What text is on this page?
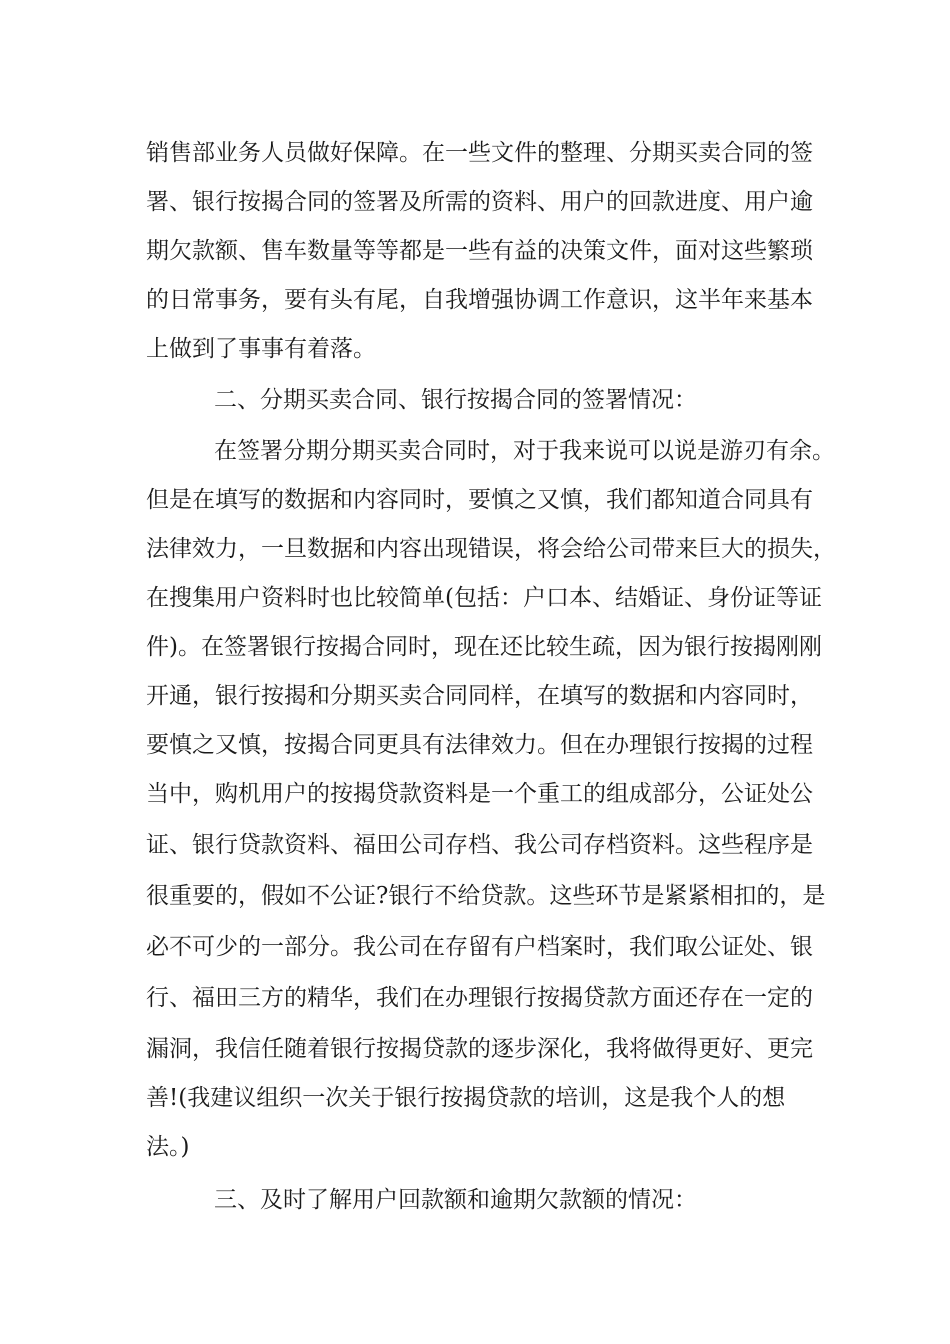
销售部业务人员做好保障。在一些文件的整理、分期买卖合同的签
署、银行按揭合同的签署及所需的资料、用户的回款进度、用户逾
期欠款额、售车数量等等都是一些有益的决策文件，面对这些繁琐
的日常事务，要有头有尾，自我增强协调工作意识，这半年来基本
上做到了事事有着落。
二、分期买卖合同、银行按揭合同的签署情况：
在签署分期分期买卖合同时，对于我来说可以说是游刃有余。
但是在填写的数据和内容同时，要慎之又慎，我们都知道合同具有
法律效力，一旦数据和内容出现错误，将会给公司带来巨大的损失，
在搜集用户资料时也比较简单(包括：户口本、结婚证、身份证等证
件)。在签署银行按揭合同时，现在还比较生疏，因为银行按揭刚刚
开通，银行按揭和分期买卖合同同样，在填写的数据和内容同时，
要慎之又慎，按揭合同更具有法律效力。但在办理银行按揭的过程
当中，购机用户的按揭贷款资料是一个重工的组成部分，公证处公
证、银行贷款资料、福田公司存档、我公司存档资料。这些程序是
很重要的，假如不公证?银行不给贷款。这些环节是紧紧相扣的，是
必不可少的一部分。我公司在存留有户档案时，我们取公证处、银
行、福田三方的精华，我们在办理银行按揭贷款方面还存在一定的
漏洞，我信任随着银行按揭贷款的逐步深化，我将做得更好、更完
善!(我建议组织一次关于银行按揭贷款的培训，这是我个人的想
法。)
三、及时了解用户回款额和逾期欠款额的情况：
